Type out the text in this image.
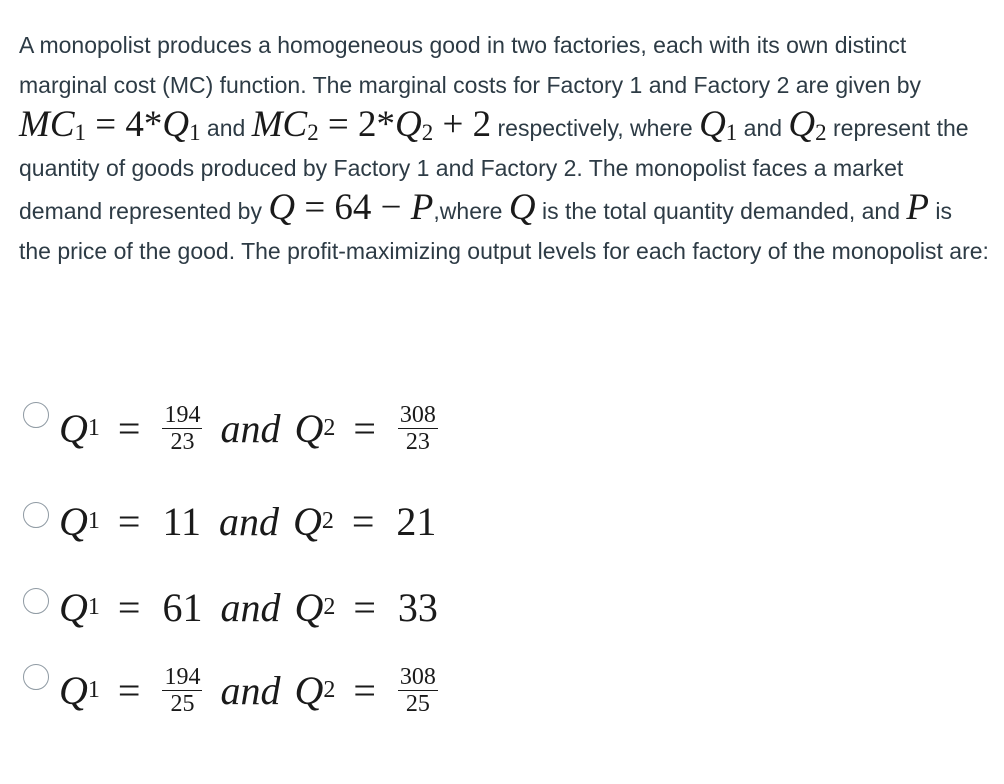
A monopolist produces a homogeneous good in two factories, each with its own distinct marginal cost (MC) function. The marginal costs for Factory 1 and Factory 2 are given by $MC_1 = 4*Q_1$ and $MC_2 = 2*Q_2 + 2$ respectively, where $Q_1$ and $Q_2$ represent the quantity of goods produced by Factory 1 and Factory 2. The monopolist faces a market demand represented by Q = 64 − P,where Q is the total quantity demanded, and P is the price of the good. The profit-maximizing output levels for each factory of the monopolist are:
Q $1 = \frac{194}{23}$ and Q $2 = \frac{308}{23}$
Q 1 = 11 and Q 2 = 21
Q 1 = 61 and Q 2 = 33
Q $1 = \frac{194}{25}$ and Q $2 = \frac{308}{25}$
